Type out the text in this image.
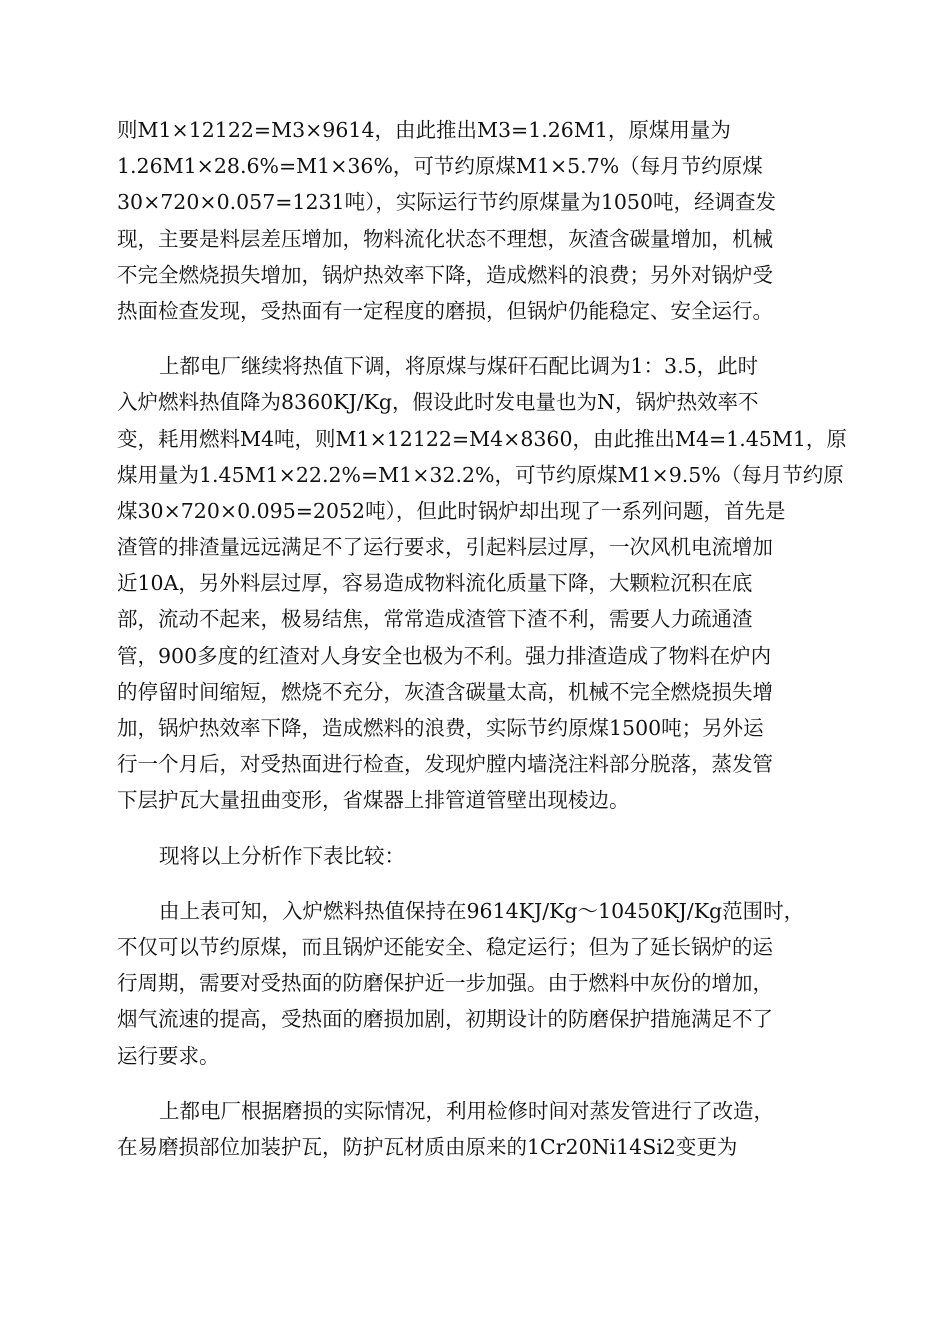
则M1×12122=M3×9614，由此推出M3=1.26M1，原煤用量为
1.26M1×28.6%=M1×36%，可节约原煤M1×5.7%（每月节约原煤
30×720×0.057=1231吨），实际运行节约原煤量为1050吨，经调查发
现，主要是料层差压增加，物料流化状态不理想，灰渣含碳量增加，机械
不完全燃烧损失增加，锅炉热效率下降，造成燃料的浪费；另外对锅炉受
热面检查发现，受热面有一定程度的磨损，但锅炉仍能稳定、安全运行。
上都电厂继续将热值下调，将原煤与煤矸石配比调为1：3.5，此时
入炉燃料热值降为8360KJ/Kg，假设此时发电量也为N，锅炉热效率不
变，耗用燃料M4吨，则M1×12122=M4×8360，由此推出M4=1.45M1，原
煤用量为1.45M1×22.2%=M1×32.2%，可节约原煤M1×9.5%（每月节约原
煤30×720×0.095=2052吨），但此时锅炉却出现了一系列问题，首先是
渣管的排渣量远远满足不了运行要求，引起料层过厚，一次风机电流增加
近10A，另外料层过厚，容易造成物料流化质量下降，大颗粒沉积在底
部，流动不起来，极易结焦，常常造成渣管下渣不利，需要人力疏通渣
管，900多度的红渣对人身安全也极为不利。强力排渣造成了物料在炉内
的停留时间缩短，燃烧不充分，灰渣含碳量太高，机械不完全燃烧损失增
加，锅炉热效率下降，造成燃料的浪费，实际节约原煤1500吨；另外运
行一个月后，对受热面进行检查，发现炉膛内墙浇注料部分脱落，蒸发管
下层护瓦大量扭曲变形，省煤器上排管道管壁出现棱边。
现将以上分析作下表比较：
由上表可知，入炉燃料热值保持在9614KJ/Kg～10450KJ/Kg范围时，
不仅可以节约原煤，而且锅炉还能安全、稳定运行；但为了延长锅炉的运
行周期，需要对受热面的防磨保护近一步加强。由于燃料中灰份的增加，
烟气流速的提高，受热面的磨损加剧，初期设计的防磨保护措施满足不了
运行要求。
上都电厂根据磨损的实际情况，利用检修时间对蒸发管进行了改造，
在易磨损部位加装护瓦，防护瓦材质由原来的1Cr20Ni14Si2变更为
